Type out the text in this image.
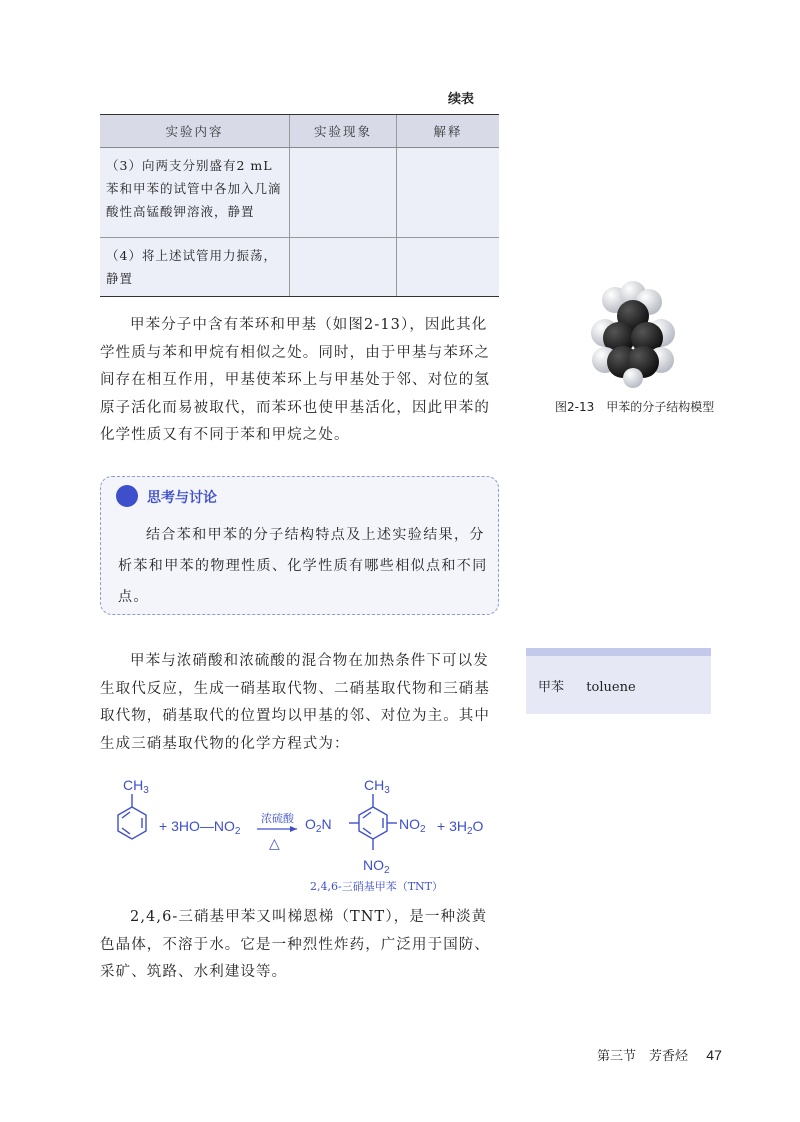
续表
实验内容	实验现象	解释
（3）向两支分别盛有2 mL苯和甲苯的试管中各加入几滴酸性高锰酸钾溶液，静置		
（4）将上述试管用力振荡，静置		

甲苯分子中含有苯环和甲基（如图2-13），因此其化学性质与苯和甲烷有相似之处。同时，由于甲基与苯环之间存在相互作用，甲基使苯环上与甲基处于邻、对位的氢原子活化而易被取代，而苯环也使甲基活化，因此甲苯的化学性质又有不同于苯和甲烷之处。

图2-13　甲苯的分子结构模型
思考与讨论

结合苯和甲苯的分子结构特点及上述实验结果，分析苯和甲苯的物理性质、化学性质有哪些相似点和不同点。

甲苯 toluene

甲苯与浓硝酸和浓硫酸的混合物在加热条件下可以发生取代反应，生成一硝基取代物、二硝基取代物和三硝基取代物，硝基取代的位置均以甲基的邻、对位为主。其中生成三硝基取代物的化学方程式为：

$CH_3$
+ $3HO—NO_2$
浓硫酸
△
$O_2N$
$CH_3$
$NO_2$
$NO_2$
+ $3H_2O$
2,4,6-三硝基甲苯（TNT）

2,4,6-三硝基甲苯又叫梯恩梯（TNT），是一种淡黄色晶体，不溶于水。它是一种烈性炸药，广泛用于国防、采矿、筑路、水利建设等。

第三节　芳香烃 47
